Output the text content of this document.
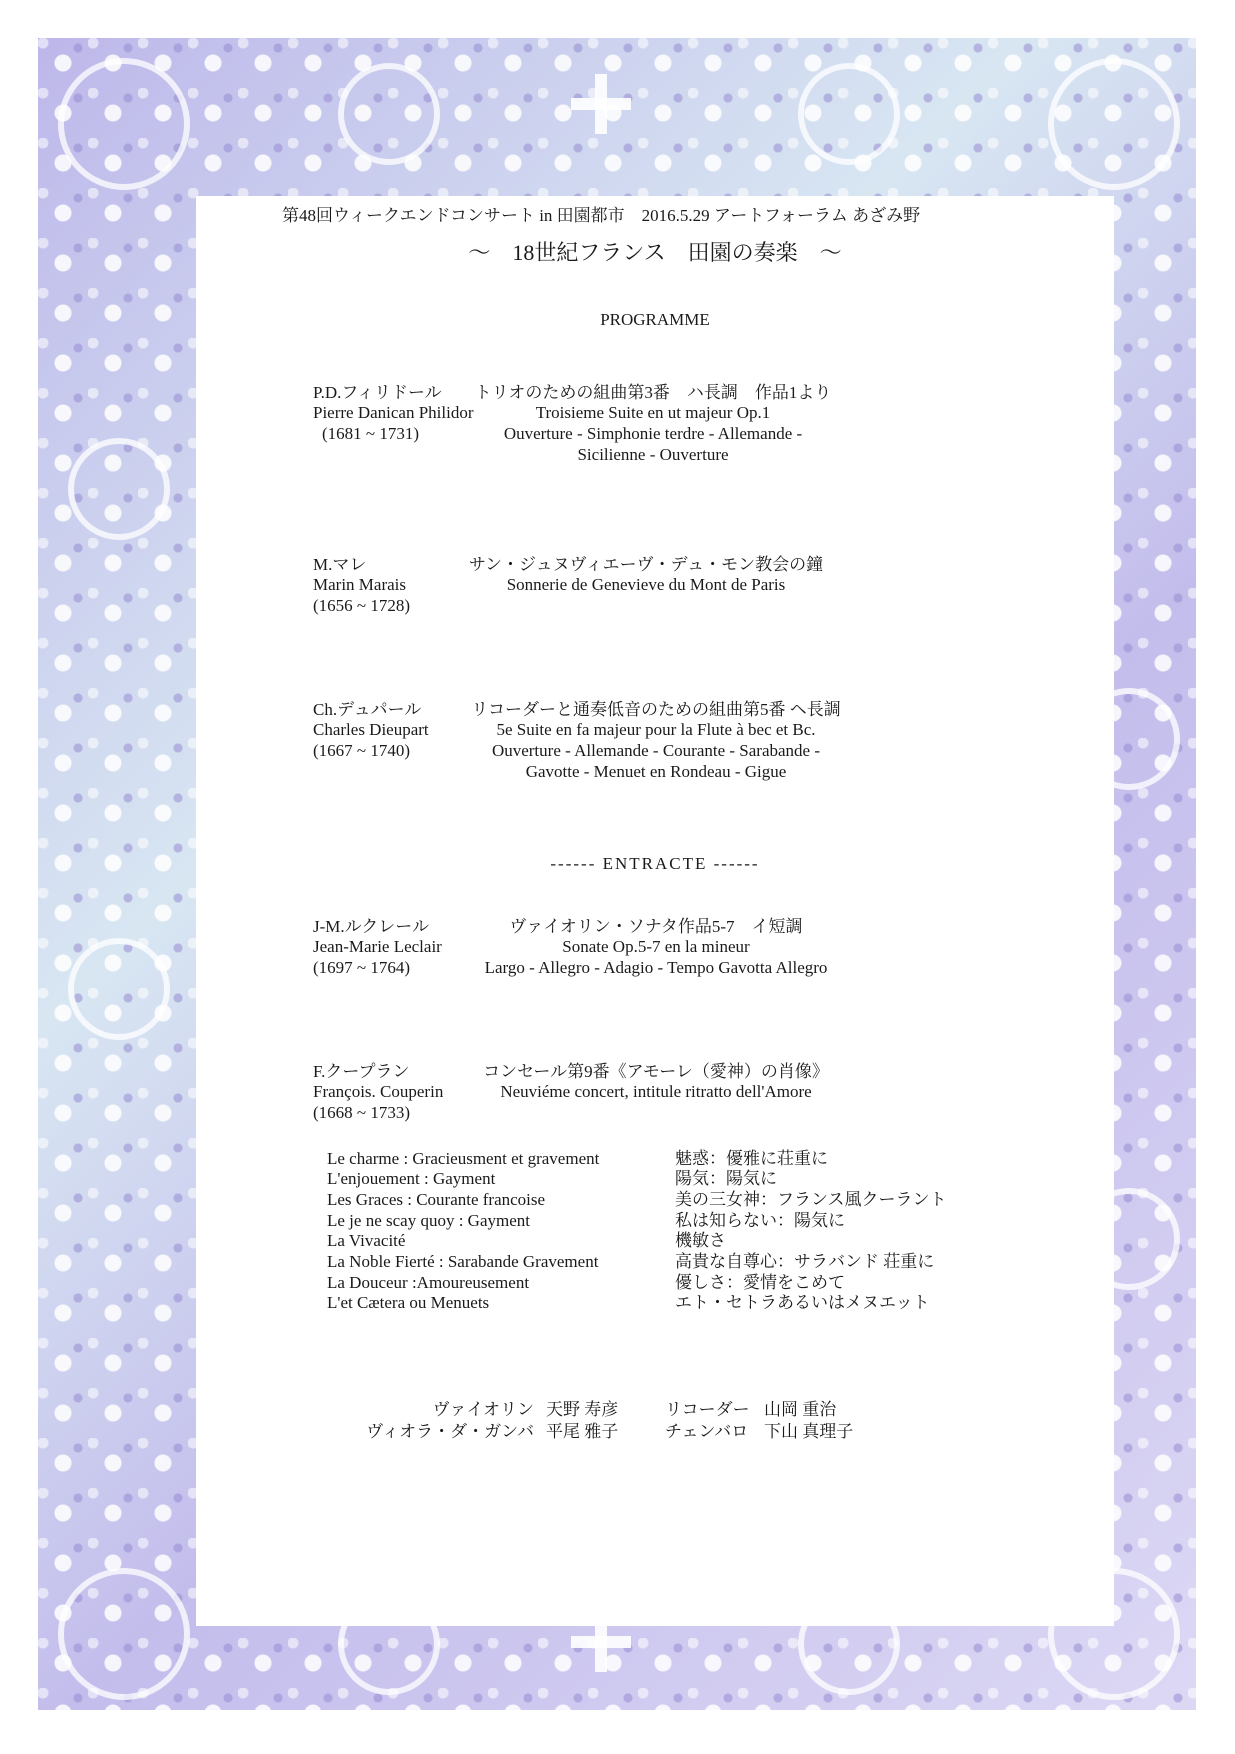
第48回ウィークエンドコンサート in 田園都市　2016.5.29 アートフォーラム あざみ野
～　18世紀フランス　田園の奏楽　～
PROGRAMME
P.D.フィリドール
Pierre Danican Philidor
(1681 ~ 1731)
トリオのための組曲第3番　ハ長調　作品1より
Troisieme Suite en ut majeur Op.1
Ouverture - Simphonie terdre - Allemande -
Sicilienne - Ouverture
M.マレ
Marin Marais
(1656 ~ 1728)
サン・ジュヌヴィエーヴ・デュ・モン教会の鐘
Sonnerie de Genevieve du Mont de Paris
Ch.デュパール
Charles Dieupart
(1667 ~ 1740)
リコーダーと通奏低音のための組曲第5番 ヘ長調
5e Suite en fa majeur pour la Flute à bec et Bc.
Ouverture - Allemande - Courante - Sarabande -
Gavotte - Menuet en Rondeau - Gigue
------ ENTRACTE ------
J-M.ルクレール
Jean-Marie Leclair
(1697 ~ 1764)
ヴァイオリン・ソナタ作品5-7　イ短調
Sonate Op.5-7 en la mineur
Largo - Allegro - Adagio - Tempo Gavotta Allegro
F.クープラン
François. Couperin
(1668 ~ 1733)
コンセール第9番《アモーレ（愛神）の肖像》
Neuviéme concert, intitule ritratto dell'Amore
Le charme : Gracieusment et gravement	魅惑：優雅に荘重に
L'enjouement : Gayment	陽気：陽気に
Les Graces : Courante francoise	美の三女神：フランス風クーラント
Le je ne scay quoy : Gayment	私は知らない：陽気に
La Vivacité	機敏さ
La Noble Fierté : Sarabande Gravement	高貴な自尊心：サラバンド 荘重に
La Douceur :Amoureusement	優しさ：愛情をこめて
L'et Cætera ou Menuets	エト・セトラあるいはメヌエット
ヴァイオリン 天野 寿彦	リコーダー 山岡 重治
ヴィオラ・ダ・ガンバ 平尾 雅子	チェンバロ 下山 真理子
